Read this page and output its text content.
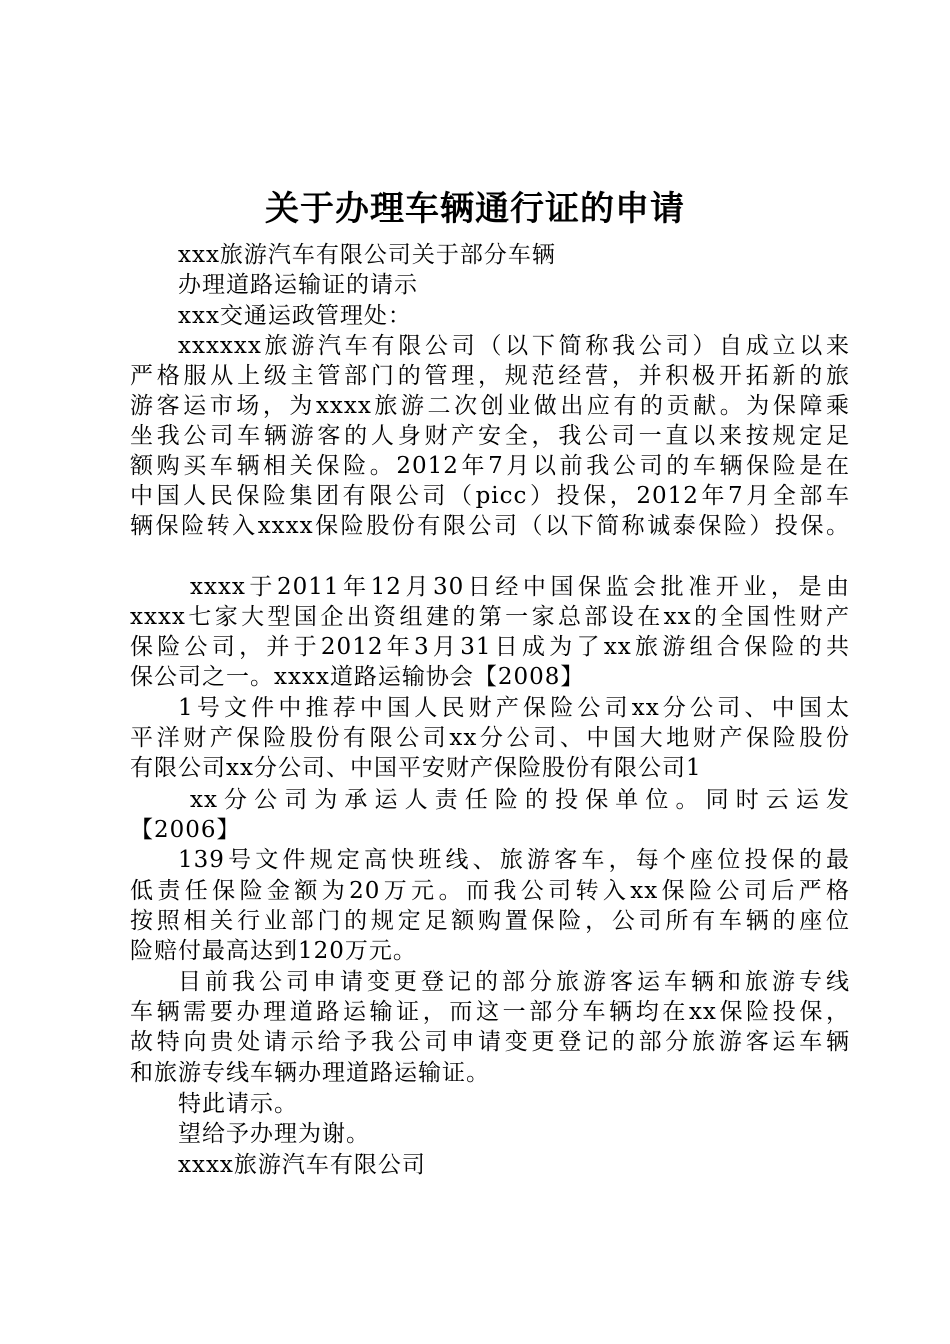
关于办理车辆通行证的申请
xxx旅游汽车有限公司关于部分车辆
办理道路运输证的请示
xxx交通运政管理处：
xxxxxx旅游汽车有限公司（以下简称我公司）自成立以来
严格服从上级主管部门的管理，规范经营，并积极开拓新的旅
游客运市场，为xxxx旅游二次创业做出应有的贡献。为保障乘
坐我公司车辆游客的人身财产安全，我公司一直以来按规定足
额购买车辆相关保险。2012年7月以前我公司的车辆保险是在
中国人民保险集团有限公司（picc）投保，2012年7月全部车
辆保险转入xxxx保险股份有限公司（以下简称诚泰保险）投保。
xxxx于2011年12月30日经中国保监会批准开业，是由
xxxx七家大型国企出资组建的第一家总部设在xx的全国性财产
保险公司，并于2012年3月31日成为了xx旅游组合保险的共
保公司之一。xxxx道路运输协会【2008】
1号文件中推荐中国人民财产保险公司xx分公司、中国太
平洋财产保险股份有限公司xx分公司、中国大地财产保险股份
有限公司xx分公司、中国平安财产保险股份有限公司1
xx分公司为承运人责任险的投保单位。同时云运发
【2006】
139号文件规定高快班线、旅游客车，每个座位投保的最
低责任保险金额为20万元。而我公司转入xx保险公司后严格
按照相关行业部门的规定足额购置保险，公司所有车辆的座位
险赔付最高达到120万元。
目前我公司申请变更登记的部分旅游客运车辆和旅游专线
车辆需要办理道路运输证，而这一部分车辆均在xx保险投保，
故特向贵处请示给予我公司申请变更登记的部分旅游客运车辆
和旅游专线车辆办理道路运输证。
特此请示。
望给予办理为谢。
xxxx旅游汽车有限公司
